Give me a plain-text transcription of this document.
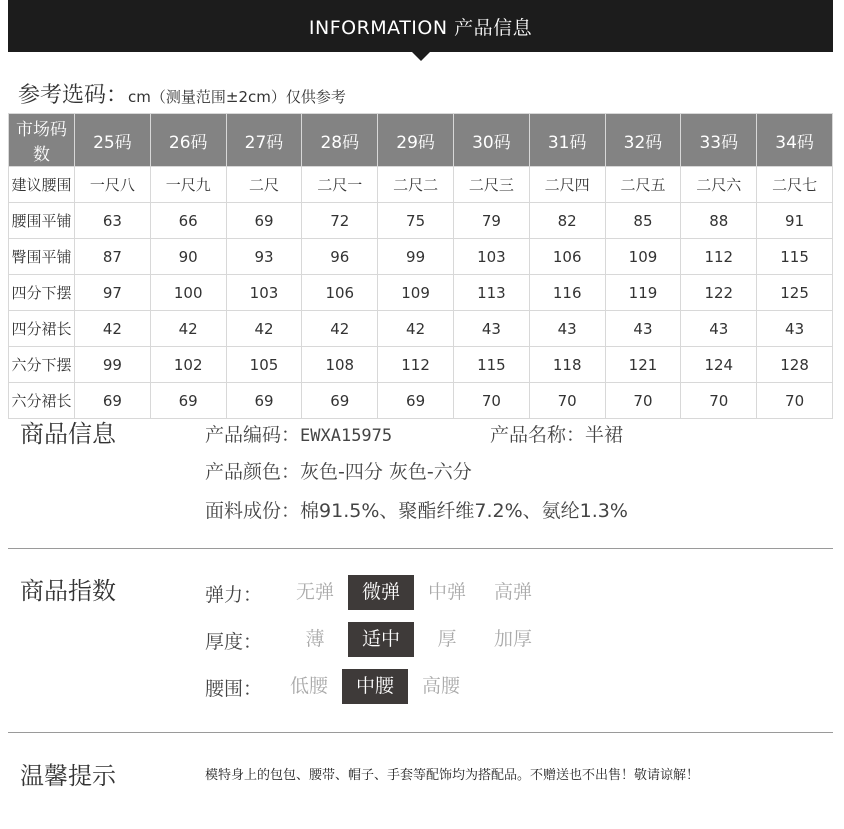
INFORMATION 产品信息
参考选码：cm（测量范围±2cm）仅供参考
市场码数	25码	26码	27码	28码	29码	30码	31码	32码	33码	34码
建议腰围	一尺八	一尺九	二尺	二尺一	二尺二	二尺三	二尺四	二尺五	二尺六	二尺七
腰围平铺	63	66	69	72	75	79	82	85	88	91
臀围平铺	87	90	93	96	99	103	106	109	112	115
四分下摆	97	100	103	106	109	113	116	119	122	125
四分裙长	42	42	42	42	42	43	43	43	43	43
六分下摆	99	102	105	108	112	115	118	121	124	128
六分裙长	69	69	69	69	69	70	70	70	70	70
商品信息	产品编码：EWXA15975	产品名称：半裙
产品颜色：灰色-四分 灰色-六分
面料成份：棉91.5%、聚酯纤维7.2%、氨纶1.3%
商品指数	弹力：	无弹	微弹	中弹	高弹
厚度：	薄	适中	厚	加厚
腰围：	低腰	中腰	高腰
温馨提示	模特身上的包包、腰带、帽子、手套等配饰均为搭配品。不赠送也不出售！敬请谅解！
